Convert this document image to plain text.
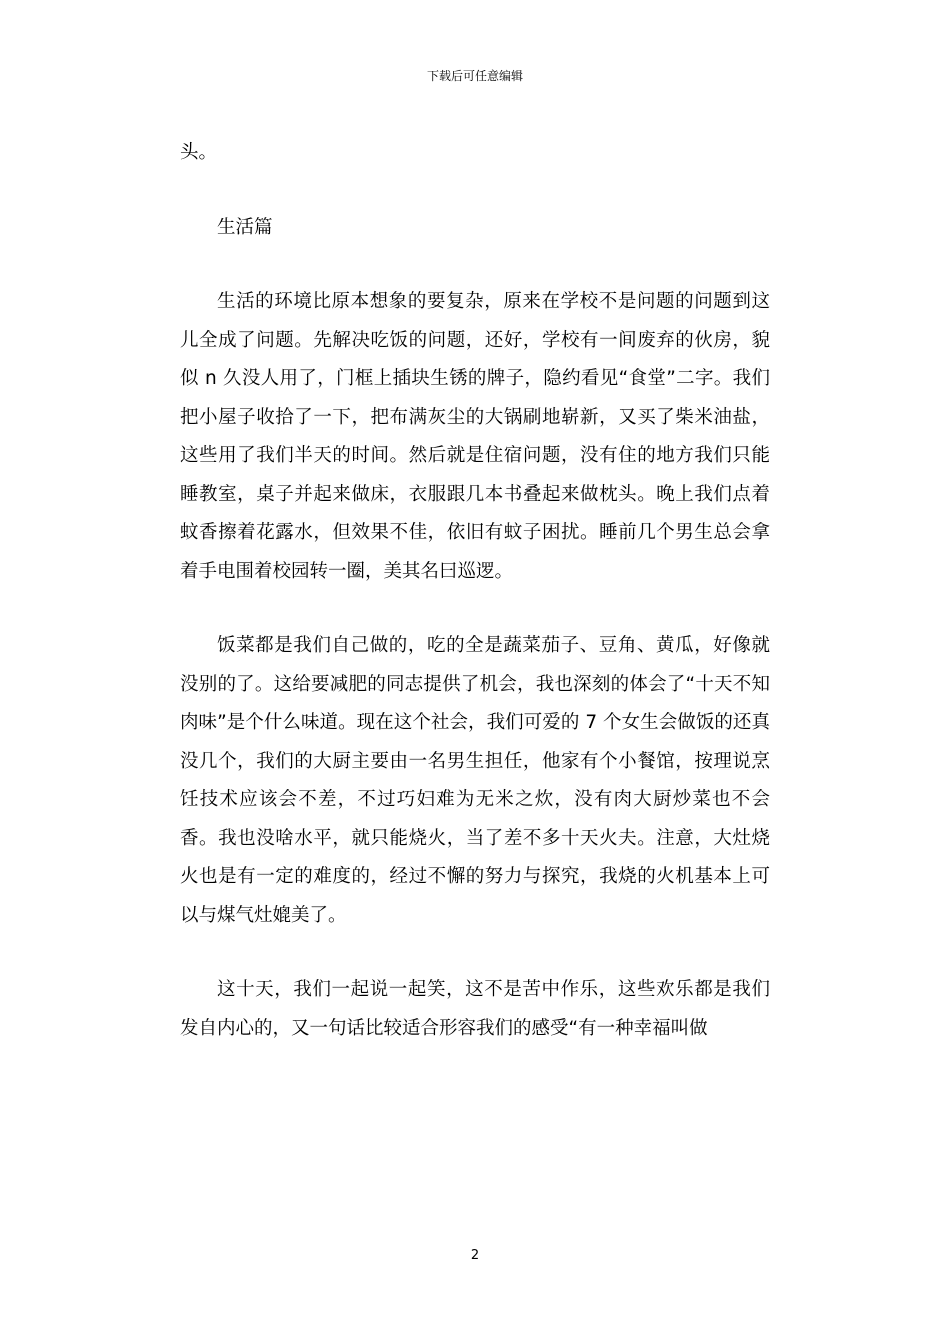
下载后可任意编辑

头。

生活篇

生活的环境比原本想象的要复杂，原来在学校不是问题的问题到这儿全成了问题。先解决吃饭的问题，还好，学校有一间废弃的伙房，貌似 n 久没人用了，门框上插块生锈的牌子，隐约看见“食堂”二字。我们把小屋子收拾了一下，把布满灰尘的大锅刷地崭新，又买了柴米油盐，这些用了我们半天的时间。然后就是住宿问题，没有住的地方我们只能睡教室，桌子并起来做床，衣服跟几本书叠起来做枕头。晚上我们点着蚊香擦着花露水，但效果不佳，依旧有蚊子困扰。睡前几个男生总会拿着手电围着校园转一圈，美其名曰巡逻。

饭菜都是我们自己做的，吃的全是蔬菜茄子、豆角、黄瓜，好像就没别的了。这给要减肥的同志提供了机会，我也深刻的体会了“十天不知肉味”是个什么味道。现在这个社会，我们可爱的 7 个女生会做饭的还真没几个，我们的大厨主要由一名男生担任，他家有个小餐馆，按理说烹饪技术应该会不差，不过巧妇难为无米之炊，没有肉大厨炒菜也不会香。我也没啥水平，就只能烧火，当了差不多十天火夫。注意，大灶烧火也是有一定的难度的，经过不懈的努力与探究，我烧的火机基本上可以与煤气灶媲美了。

这十天，我们一起说一起笑，这不是苦中作乐，这些欢乐都是我们发自内心的，又一句话比较适合形容我们的感受“有一种幸福叫做

2
